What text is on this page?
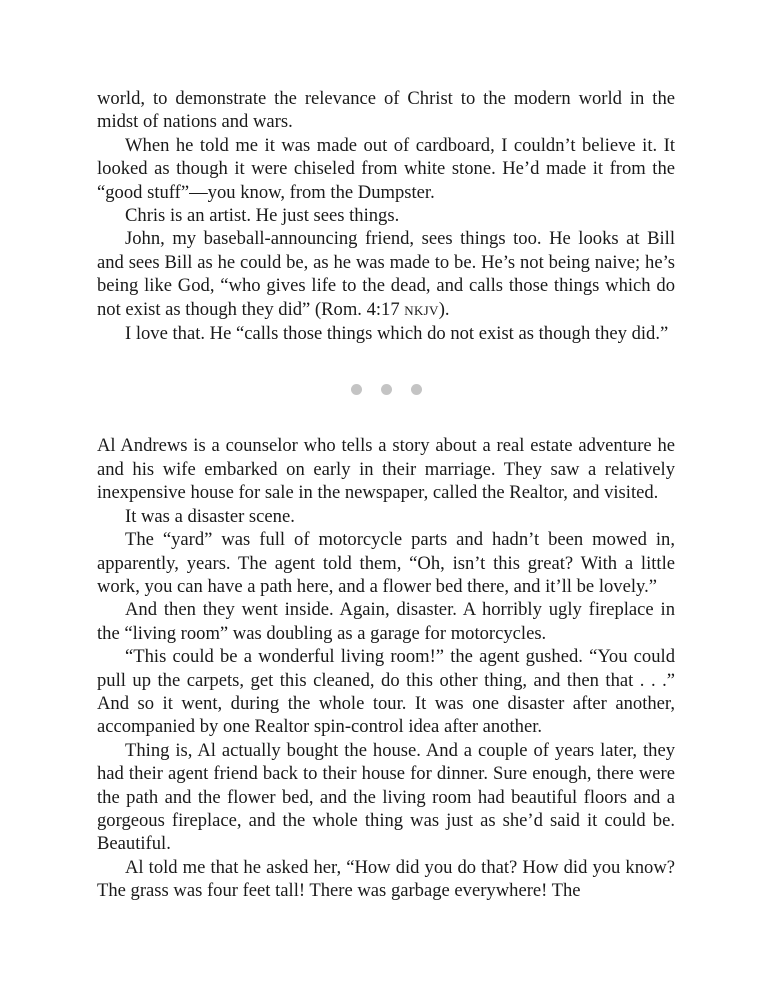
world, to demonstrate the relevance of Christ to the modern world in the midst of nations and wars.

When he told me it was made out of cardboard, I couldn’t believe it. It looked as though it were chiseled from white stone. He’d made it from the “good stuff”—you know, from the Dumpster.

Chris is an artist. He just sees things.

John, my baseball-announcing friend, sees things too. He looks at Bill and sees Bill as he could be, as he was made to be. He’s not being naive; he’s being like God, “who gives life to the dead, and calls those things which do not exist as though they did” (Rom. 4:17 NKJV).

I love that. He “calls those things which do not exist as though they did.”

Al Andrews is a counselor who tells a story about a real estate adventure he and his wife embarked on early in their marriage. They saw a relatively inexpensive house for sale in the newspaper, called the Realtor, and visited.

It was a disaster scene.

The “yard” was full of motorcycle parts and hadn’t been mowed in, apparently, years. The agent told them, “Oh, isn’t this great? With a little work, you can have a path here, and a flower bed there, and it’ll be lovely.”

And then they went inside. Again, disaster. A horribly ugly fireplace in the “living room” was doubling as a garage for motorcycles.

“This could be a wonderful living room!” the agent gushed. “You could pull up the carpets, get this cleaned, do this other thing, and then that . . .” And so it went, during the whole tour. It was one disaster after another, accompanied by one Realtor spin-control idea after another.

Thing is, Al actually bought the house. And a couple of years later, they had their agent friend back to their house for dinner. Sure enough, there were the path and the flower bed, and the living room had beautiful floors and a gorgeous fireplace, and the whole thing was just as she’d said it could be. Beautiful.

Al told me that he asked her, “How did you do that? How did you know? The grass was four feet tall! There was garbage everywhere! The
